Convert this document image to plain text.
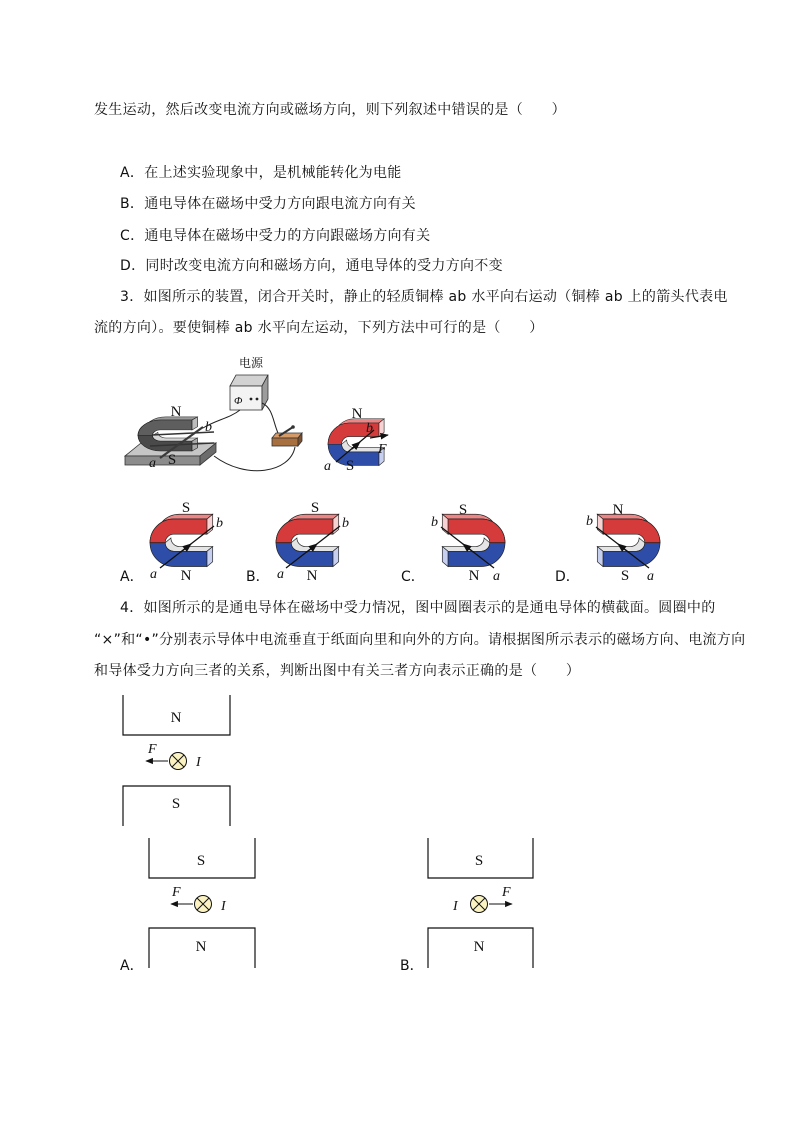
发生运动，然后改变电流方向或磁场方向，则下列叙述中错误的是（　　）
A．在上述实验现象中，是机械能转化为电能
B．通电导体在磁场中受力方向跟电流方向有关
C．通电导体在磁场中受力的方向跟磁场方向有关
D．同时改变电流方向和磁场方向，通电导体的受力方向不变
3．如图所示的装置，闭合开关时，静止的轻质铜棒 ab 水平向右运动（铜棒 ab 上的箭头代表电
流的方向）。要使铜棒 ab 水平向左运动，下列方法中可行的是（　　）
A．	B．	C．	D．
4．如图所示的是通电导体在磁场中受力情况，图中圆圈表示的是通电导体的横截面。圆圈中的
“×”和“•”分别表示导体中电流垂直于纸面向里和向外的方向。请根据图所示表示的磁场方向、电流方向
和导体受力方向三者的关系，判断出图中有关三者方向表示正确的是（　　）
A．	B．
电源
Φ
N
b
a S
N
b
F
a S
S
b
a N
S
b
a N
S
b
N a
N
b
S a
N
F
I
S
S
F
I
N
S
I
F
N
